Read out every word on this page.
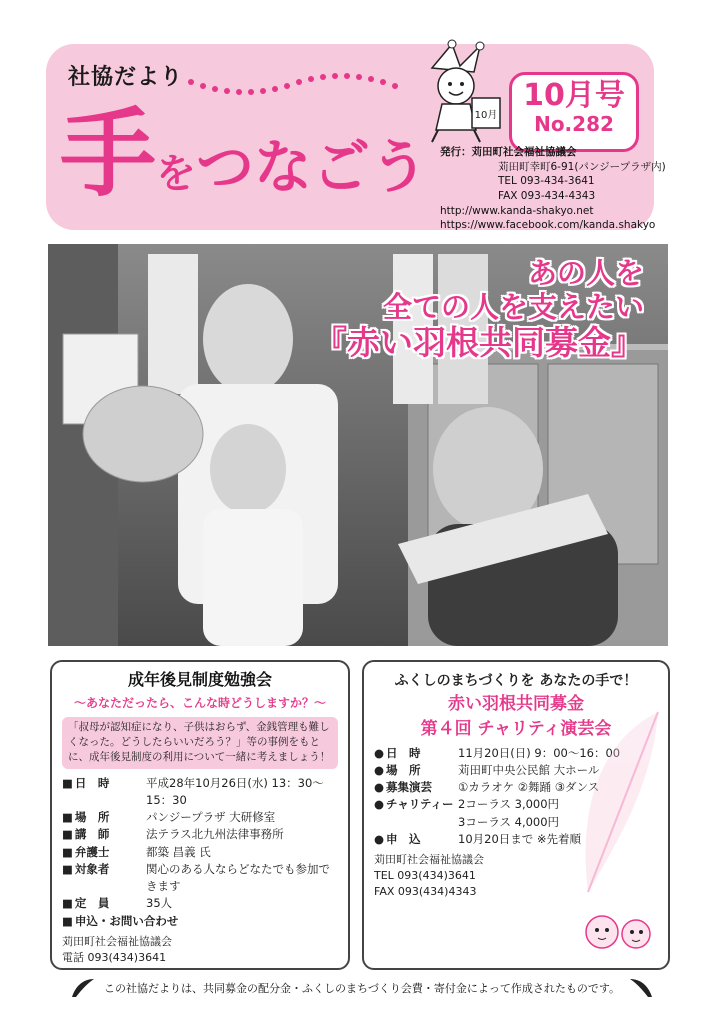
社協だより
手をつなごう
10月
10月号
No.282
発行：苅田町社会福祉協議会
苅田町幸町6-91(パンジープラザ内)
TEL 093-434-3641
FAX 093-434-4343
http://www.kanda-shakyo.net
https://www.facebook.com/kanda.shakyo
あの人を
全ての人を支えたい
『赤い羽根共同募金』
成年後見制度勉強会
～あなただったら、こんな時どうしますか？～
「叔母が認知症になり、子供はおらず、金銭管理も難しくなった。どうしたらいいだろう？」等の事例をもとに、成年後見制度の利用について一緒に考えましょう！
■ 日　時	平成28年10月26日(水) 13：30～15：30
■ 場　所	パンジープラザ 大研修室
■ 講　師	法テラス北九州法律事務所
■ 弁護士	都築 昌義 氏
■ 対象者	関心のある人ならどなたでも参加できます
■ 定　員	35人
■ 申込・お問い合わせ
苅田町社会福祉協議会
電話 093(434)3641
ふくしのまちづくりを あなたの手で！
赤い羽根共同募金
第４回 チャリティ演芸会
● 日　時	11月20日(日) 9：00～16：00
● 場　所	苅田町中央公民館 大ホール
● 募集演芸	①カラオケ ②舞踊 ③ダンス
● チャリティー 2コーラス 3,000円
3コーラス 4,000円
● 申　込	10月20日まで ※先着順
苅田町社会福祉協議会
TEL 093(434)3641
FAX 093(434)4343
この社協だよりは、共同募金の配分金・ふくしのまちづくり会費・寄付金によって作成されたものです。
